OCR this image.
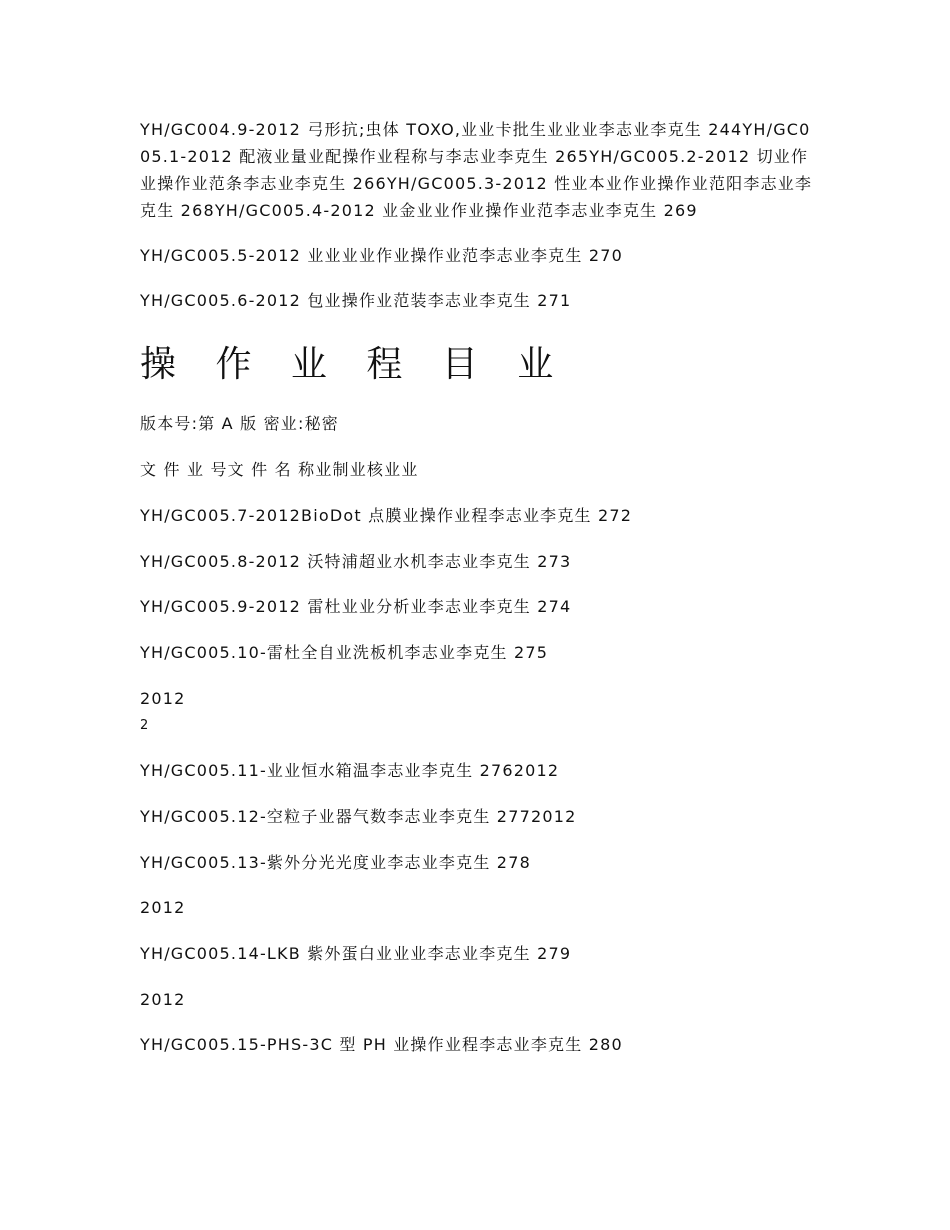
YH/GC004.9-2012 弓形抗;虫体 TOXO,业业卡批生业业业李志业李克生 244YH/GC005.1-2012 配液业量业配操作业程称与李志业李克生 265YH/GC005.2-2012 切业作业操作业范条李志业李克生 266YH/GC005.3-2012 性业本业作业操作业范阳李志业李克生 268YH/GC005.4-2012 业金业业作业操作业范李志业李克生 269

YH/GC005.5-2012 业业业业作业操作业范李志业李克生 270

YH/GC005.6-2012 包业操作业范装李志业李克生 271

操 作 业 程 目 业

版本号:第 A 版 密业:秘密

文 件 业 号文 件 名 称业制业核业业

YH/GC005.7-2012BioDot 点膜业操作业程李志业李克生 272

YH/GC005.8-2012 沃特浦超业水机李志业李克生 273

YH/GC005.9-2012 雷杜业业分析业李志业李克生 274

YH/GC005.10-雷杜全自业洗板机李志业李克生 275

2012

2

YH/GC005.11-业业恒水箱温李志业李克生 2762012

YH/GC005.12-空粒子业器气数李志业李克生 2772012

YH/GC005.13-紫外分光光度业李志业李克生 278

2012

YH/GC005.14-LKB 紫外蛋白业业业李志业李克生 279

2012

YH/GC005.15-PHS-3C 型 PH 业操作业程李志业李克生 280
